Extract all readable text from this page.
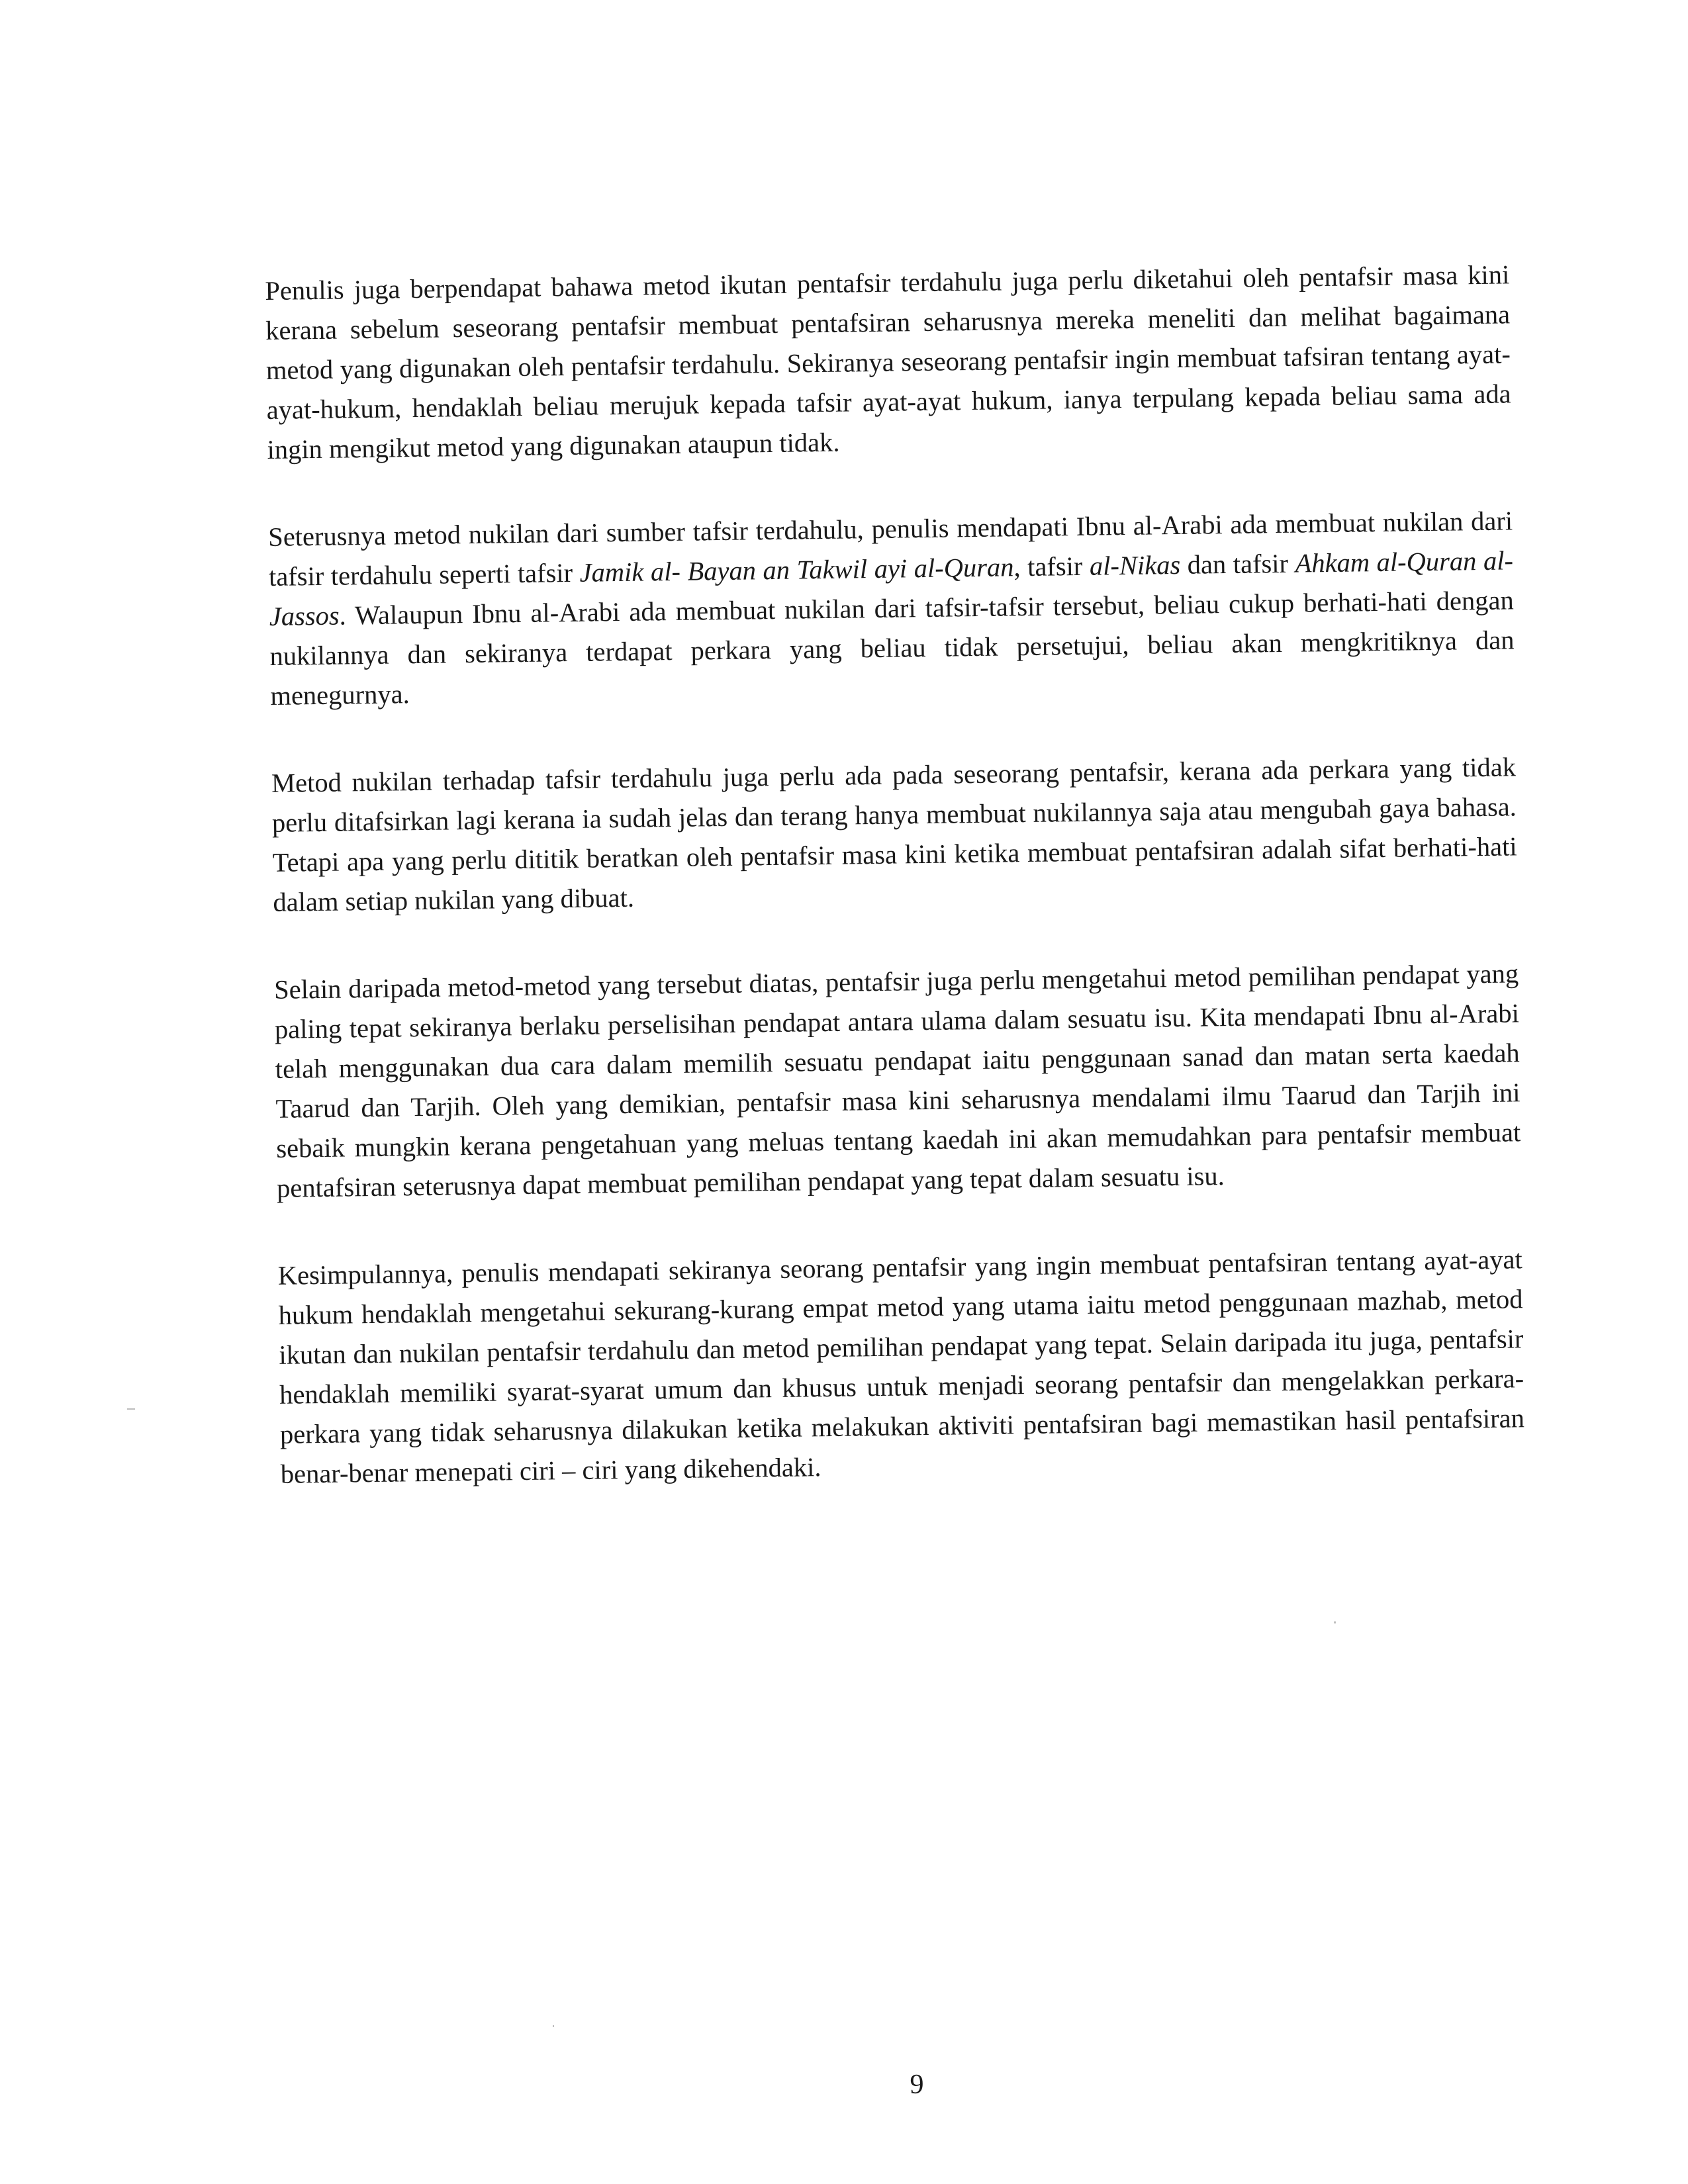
Penulis juga berpendapat bahawa metod ikutan pentafsir terdahulu juga perlu diketahui oleh pentafsir masa kini kerana sebelum seseorang pentafsir membuat pentafsiran seharusnya mereka meneliti dan melihat bagaimana metod yang digunakan oleh pentafsir terdahulu. Sekiranya seseorang pentafsir ingin membuat tafsiran tentang ayat-ayat-hukum, hendaklah beliau merujuk kepada tafsir ayat-ayat hukum, ianya terpulang kepada beliau sama ada ingin mengikut metod yang digunakan ataupun tidak.

Seterusnya metod nukilan dari sumber tafsir terdahulu, penulis mendapati Ibnu al-Arabi ada membuat nukilan dari tafsir terdahulu seperti tafsir Jamik al- Bayan an Takwil ayi al-Quran, tafsir al-Nikas dan tafsir Ahkam al-Quran al-Jassos. Walaupun Ibnu al-Arabi ada membuat nukilan dari tafsir-tafsir tersebut, beliau cukup berhati-hati dengan nukilannya dan sekiranya terdapat perkara yang beliau tidak persetujui, beliau akan mengkritiknya dan menegurnya.

Metod nukilan terhadap tafsir terdahulu juga perlu ada pada seseorang pentafsir, kerana ada perkara yang tidak perlu ditafsirkan lagi kerana ia sudah jelas dan terang hanya membuat nukilannya saja atau mengubah gaya bahasa. Tetapi apa yang perlu dititik beratkan oleh pentafsir masa kini ketika membuat pentafsiran adalah sifat berhati-hati dalam setiap nukilan yang dibuat.

Selain daripada metod-metod yang tersebut diatas, pentafsir juga perlu mengetahui metod pemilihan pendapat yang paling tepat sekiranya berlaku perselisihan pendapat antara ulama dalam sesuatu isu. Kita mendapati Ibnu al-Arabi telah menggunakan dua cara dalam memilih sesuatu pendapat iaitu penggunaan sanad dan matan serta kaedah Taarud dan Tarjih. Oleh yang demikian, pentafsir masa kini seharusnya mendalami ilmu Taarud dan Tarjih ini sebaik mungkin kerana pengetahuan yang meluas tentang kaedah ini akan memudahkan para pentafsir membuat pentafsiran seterusnya dapat membuat pemilihan pendapat yang tepat dalam sesuatu isu.

Kesimpulannya, penulis mendapati sekiranya seorang pentafsir yang ingin membuat pentafsiran tentang ayat-ayat hukum hendaklah mengetahui sekurang-kurang empat metod yang utama iaitu metod penggunaan mazhab, metod ikutan dan nukilan pentafsir terdahulu dan metod pemilihan pendapat yang tepat. Selain daripada itu juga, pentafsir hendaklah memiliki syarat-syarat umum dan khusus untuk menjadi seorang pentafsir dan mengelakkan perkara-perkara yang tidak seharusnya dilakukan ketika melakukan aktiviti pentafsiran bagi memastikan hasil pentafsiran benar-benar menepati ciri – ciri yang dikehendaki.

9
